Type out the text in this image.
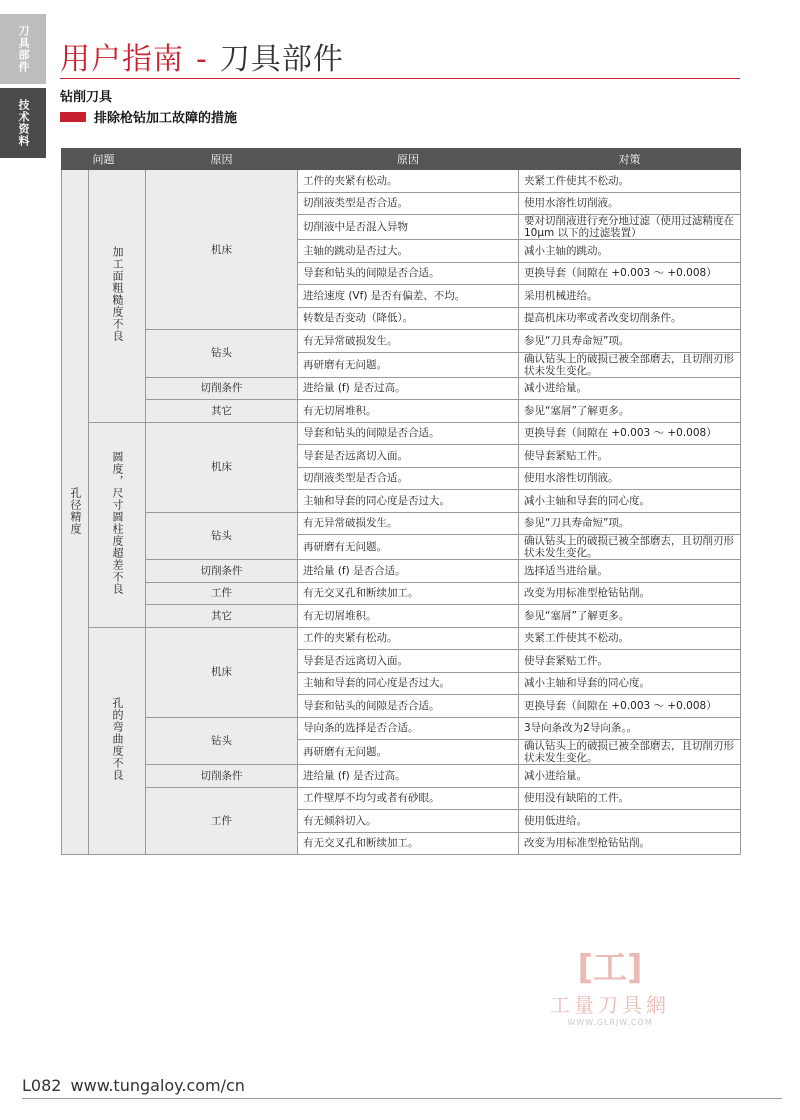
刀具部件
技术资料
用户指南 - 刀具部件
钻削刀具
排除枪钻加工故障的措施
问题		原因	原因	对策
孔径精度	加工面粗糙度不良	机床	工件的夹紧有松动。	夹紧工件使其不松动。
			切削液类型是否合适。	使用水溶性切削液。
			切削液中是否混入异物	要对切削液进行充分地过滤（使用过滤精度在 10μm 以下的过滤装置）
			主轴的跳动是否过大。	减小主轴的跳动。
			导套和钻头的间隙是否合适。	更换导套（间隙在 +0.003 ～ +0.008）
			进给速度 (Vf) 是否有偏差、不均。	采用机械进给。
			转数是否变动（降低）。	提高机床功率或者改变切削条件。
		钻头	有无异常破损发生。	参见“刀具寿命短”项。
			再研磨有无问题。	确认钻头上的破损已被全部磨去，且切削刃形状未发生变化。
		切削条件	进给量 (f) 是否过高。	减小进给量。
		其它	有无切屑堆积。	参见“塞屑”了解更多。
	圆度，尺寸圆柱度超差不良	机床	导套和钻头的间隙是否合适。	更换导套（间隙在 +0.003 ～ +0.008）
			导套是否远离切入面。	使导套紧贴工件。
			切削液类型是否合适。	使用水溶性切削液。
			主轴和导套的同心度是否过大。	减小主轴和导套的同心度。
		钻头	有无异常破损发生。	参见“刀具寿命短”项。
			再研磨有无问题。	确认钻头上的破损已被全部磨去，且切削刃形状未发生变化。
		切削条件	进给量 (f) 是否合适。	选择适当进给量。
		工件	有无交叉孔和断续加工。	改变为用标准型枪钻钻削。
		其它	有无切屑堆积。	参见“塞屑”了解更多。
	孔的弯曲度不良	机床	工件的夹紧有松动。	夹紧工件使其不松动。
			导套是否远离切入面。	使导套紧贴工件。
			主轴和导套的同心度是否过大。	减小主轴和导套的同心度。
			导套和钻头的间隙是否合适。	更换导套（间隙在 +0.003 ～ +0.008）
		钻头	导向条的选择是否合适。	3导向条改为2导向条。。
			再研磨有无问题。	确认钻头上的破损已被全部磨去，且切削刃形状未发生变化。
		切削条件	进给量 (f) 是否过高。	减小进给量。
		工件	工件壁厚不均匀或者有砂眼。	使用没有缺陷的工件。
			有无倾斜切入。	使用低进给。
			有无交叉孔和断续加工。	改变为用标准型枪钻钻削。
[工]
工量刀具網
WWW.GLRJW.COM
L082 www.tungaloy.com/cn
